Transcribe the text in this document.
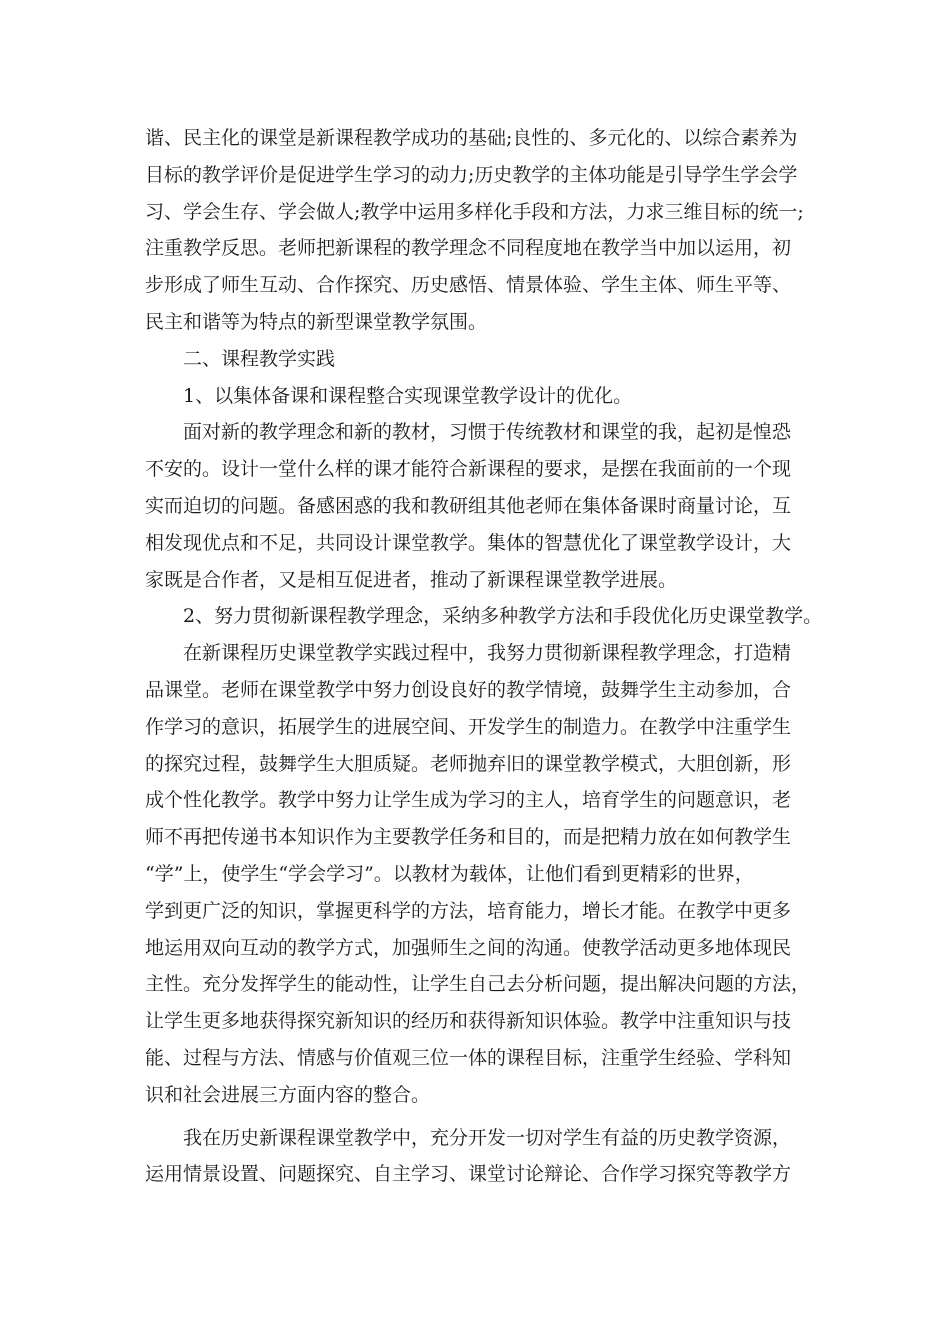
谐、民主化的课堂是新课程教学成功的基础;良性的、多元化的、以综合素养为
目标的教学评价是促进学生学习的动力;历史教学的主体功能是引导学生学会学
习、学会生存、学会做人;教学中运用多样化手段和方法，力求三维目标的统一;
注重教学反思。老师把新课程的教学理念不同程度地在教学当中加以运用，初
步形成了师生互动、合作探究、历史感悟、情景体验、学生主体、师生平等、
民主和谐等为特点的新型课堂教学氛围。
二、课程教学实践
1、以集体备课和课程整合实现课堂教学设计的优化。
面对新的教学理念和新的教材，习惯于传统教材和课堂的我，起初是惶恐
不安的。设计一堂什么样的课才能符合新课程的要求，是摆在我面前的一个现
实而迫切的问题。备感困惑的我和教研组其他老师在集体备课时商量讨论，互
相发现优点和不足，共同设计课堂教学。集体的智慧优化了课堂教学设计，大
家既是合作者，又是相互促进者，推动了新课程课堂教学进展。
2、努力贯彻新课程教学理念，采纳多种教学方法和手段优化历史课堂教学。
在新课程历史课堂教学实践过程中，我努力贯彻新课程教学理念，打造精
品课堂。老师在课堂教学中努力创设良好的教学情境，鼓舞学生主动参加，合
作学习的意识，拓展学生的进展空间、开发学生的制造力。在教学中注重学生
的探究过程，鼓舞学生大胆质疑。老师抛弃旧的课堂教学模式，大胆创新，形
成个性化教学。教学中努力让学生成为学习的主人，培育学生的问题意识，老
师不再把传递书本知识作为主要教学任务和目的，而是把精力放在如何教学生
“学”上，使学生“学会学习”。以教材为载体，让他们看到更精彩的世界，
学到更广泛的知识，掌握更科学的方法，培育能力，增长才能。在教学中更多
地运用双向互动的教学方式，加强师生之间的沟通。使教学活动更多地体现民
主性。充分发挥学生的能动性，让学生自己去分析问题，提出解决问题的方法，
让学生更多地获得探究新知识的经历和获得新知识体验。教学中注重知识与技
能、过程与方法、情感与价值观三位一体的课程目标，注重学生经验、学科知
识和社会进展三方面内容的整合。
我在历史新课程课堂教学中，充分开发一切对学生有益的历史教学资源，
运用情景设置、问题探究、自主学习、课堂讨论辩论、合作学习探究等教学方
